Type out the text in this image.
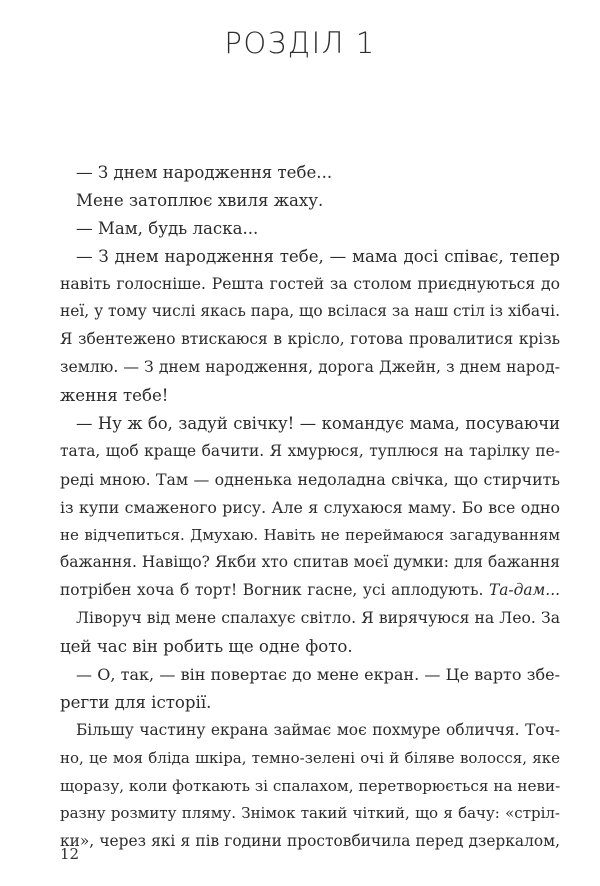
РОЗДІЛ 1
— З днем народження тебе...
Мене затоплює хвиля жаху.
— Мам, будь ласка...
— З днем народження тебе, — мама досі співає, тепер
навіть голосніше. Решта гостей за столом приєднуються до
неї, у тому числі якась пара, що всілася за наш стіл із хібачі.
Я збентежено втискаюся в крісло, готова провалитися крізь
землю. — З днем народження, дорога Джейн, з днем народ-
ження тебе!
— Ну ж бо, задуй свічку! — командує мама, посуваючи
тата, щоб краще бачити. Я хмурюся, туплюся на тарілку пе-
реді мною. Там — одненька недоладна свічка, що стирчить
із купи смаженого рису. Але я слухаюся маму. Бо все одно
не відчепиться. Дмухаю. Навіть не переймаюся загадуванням
бажання. Навіщо? Якби хто спитав моєї думки: для бажання
потрібен хоча б торт! Вогник гасне, усі аплодують. Та-дам...
Ліворуч від мене спалахує світло. Я вирячуюся на Лео. За
цей час він робить ще одне фото.
— О, так, — він повертає до мене екран. — Це варто збе-
регти для історії.
Більшу частину екрана займає моє похмуре обличчя. Точ-
но, це моя бліда шкіра, темно-зелені очі й біляве волосся, яке
щоразу, коли фоткають зі спалахом, перетворюється на неви-
разну розмиту пляму. Знімок такий чіткий, що я бачу: «стріл-
ки», через які я пів години простовбичила перед дзеркалом,
12
